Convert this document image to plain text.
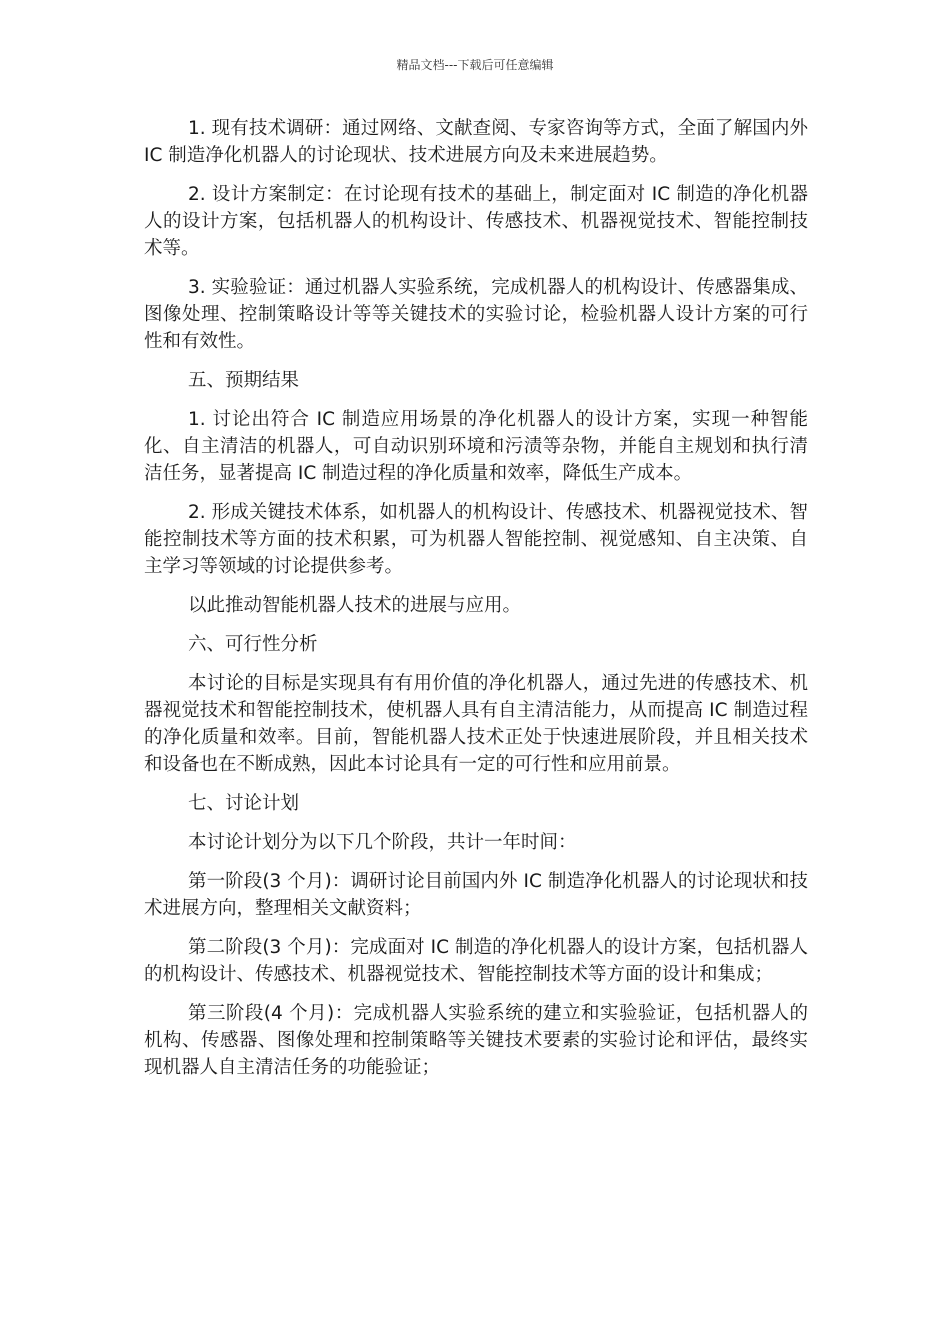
精品文档---下载后可任意编辑

1. 现有技术调研：通过网络、文献查阅、专家咨询等方式，全面了解国内外 IC 制造净化机器人的讨论现状、技术进展方向及未来进展趋势。

2. 设计方案制定：在讨论现有技术的基础上，制定面对 IC 制造的净化机器人的设计方案，包括机器人的机构设计、传感技术、机器视觉技术、智能控制技术等。

3. 实验验证：通过机器人实验系统，完成机器人的机构设计、传感器集成、图像处理、控制策略设计等等关键技术的实验讨论，检验机器人设计方案的可行性和有效性。

五、预期结果

1. 讨论出符合 IC 制造应用场景的净化机器人的设计方案，实现一种智能化、自主清洁的机器人，可自动识别环境和污渍等杂物，并能自主规划和执行清洁任务，显著提高 IC 制造过程的净化质量和效率，降低生产成本。

2. 形成关键技术体系，如机器人的机构设计、传感技术、机器视觉技术、智能控制技术等方面的技术积累，可为机器人智能控制、视觉感知、自主决策、自主学习等领域的讨论提供参考。

以此推动智能机器人技术的进展与应用。

六、可行性分析

本讨论的目标是实现具有有用价值的净化机器人，通过先进的传感技术、机器视觉技术和智能控制技术，使机器人具有自主清洁能力，从而提高 IC 制造过程的净化质量和效率。目前，智能机器人技术正处于快速进展阶段，并且相关技术和设备也在不断成熟，因此本讨论具有一定的可行性和应用前景。

七、讨论计划

本讨论计划分为以下几个阶段，共计一年时间：

第一阶段(3 个月)：调研讨论目前国内外 IC 制造净化机器人的讨论现状和技术进展方向，整理相关文献资料；

第二阶段(3 个月)：完成面对 IC 制造的净化机器人的设计方案，包括机器人的机构设计、传感技术、机器视觉技术、智能控制技术等方面的设计和集成；

第三阶段(4 个月)：完成机器人实验系统的建立和实验验证，包括机器人的机构、传感器、图像处理和控制策略等关键技术要素的实验讨论和评估，最终实现机器人自主清洁任务的功能验证；
